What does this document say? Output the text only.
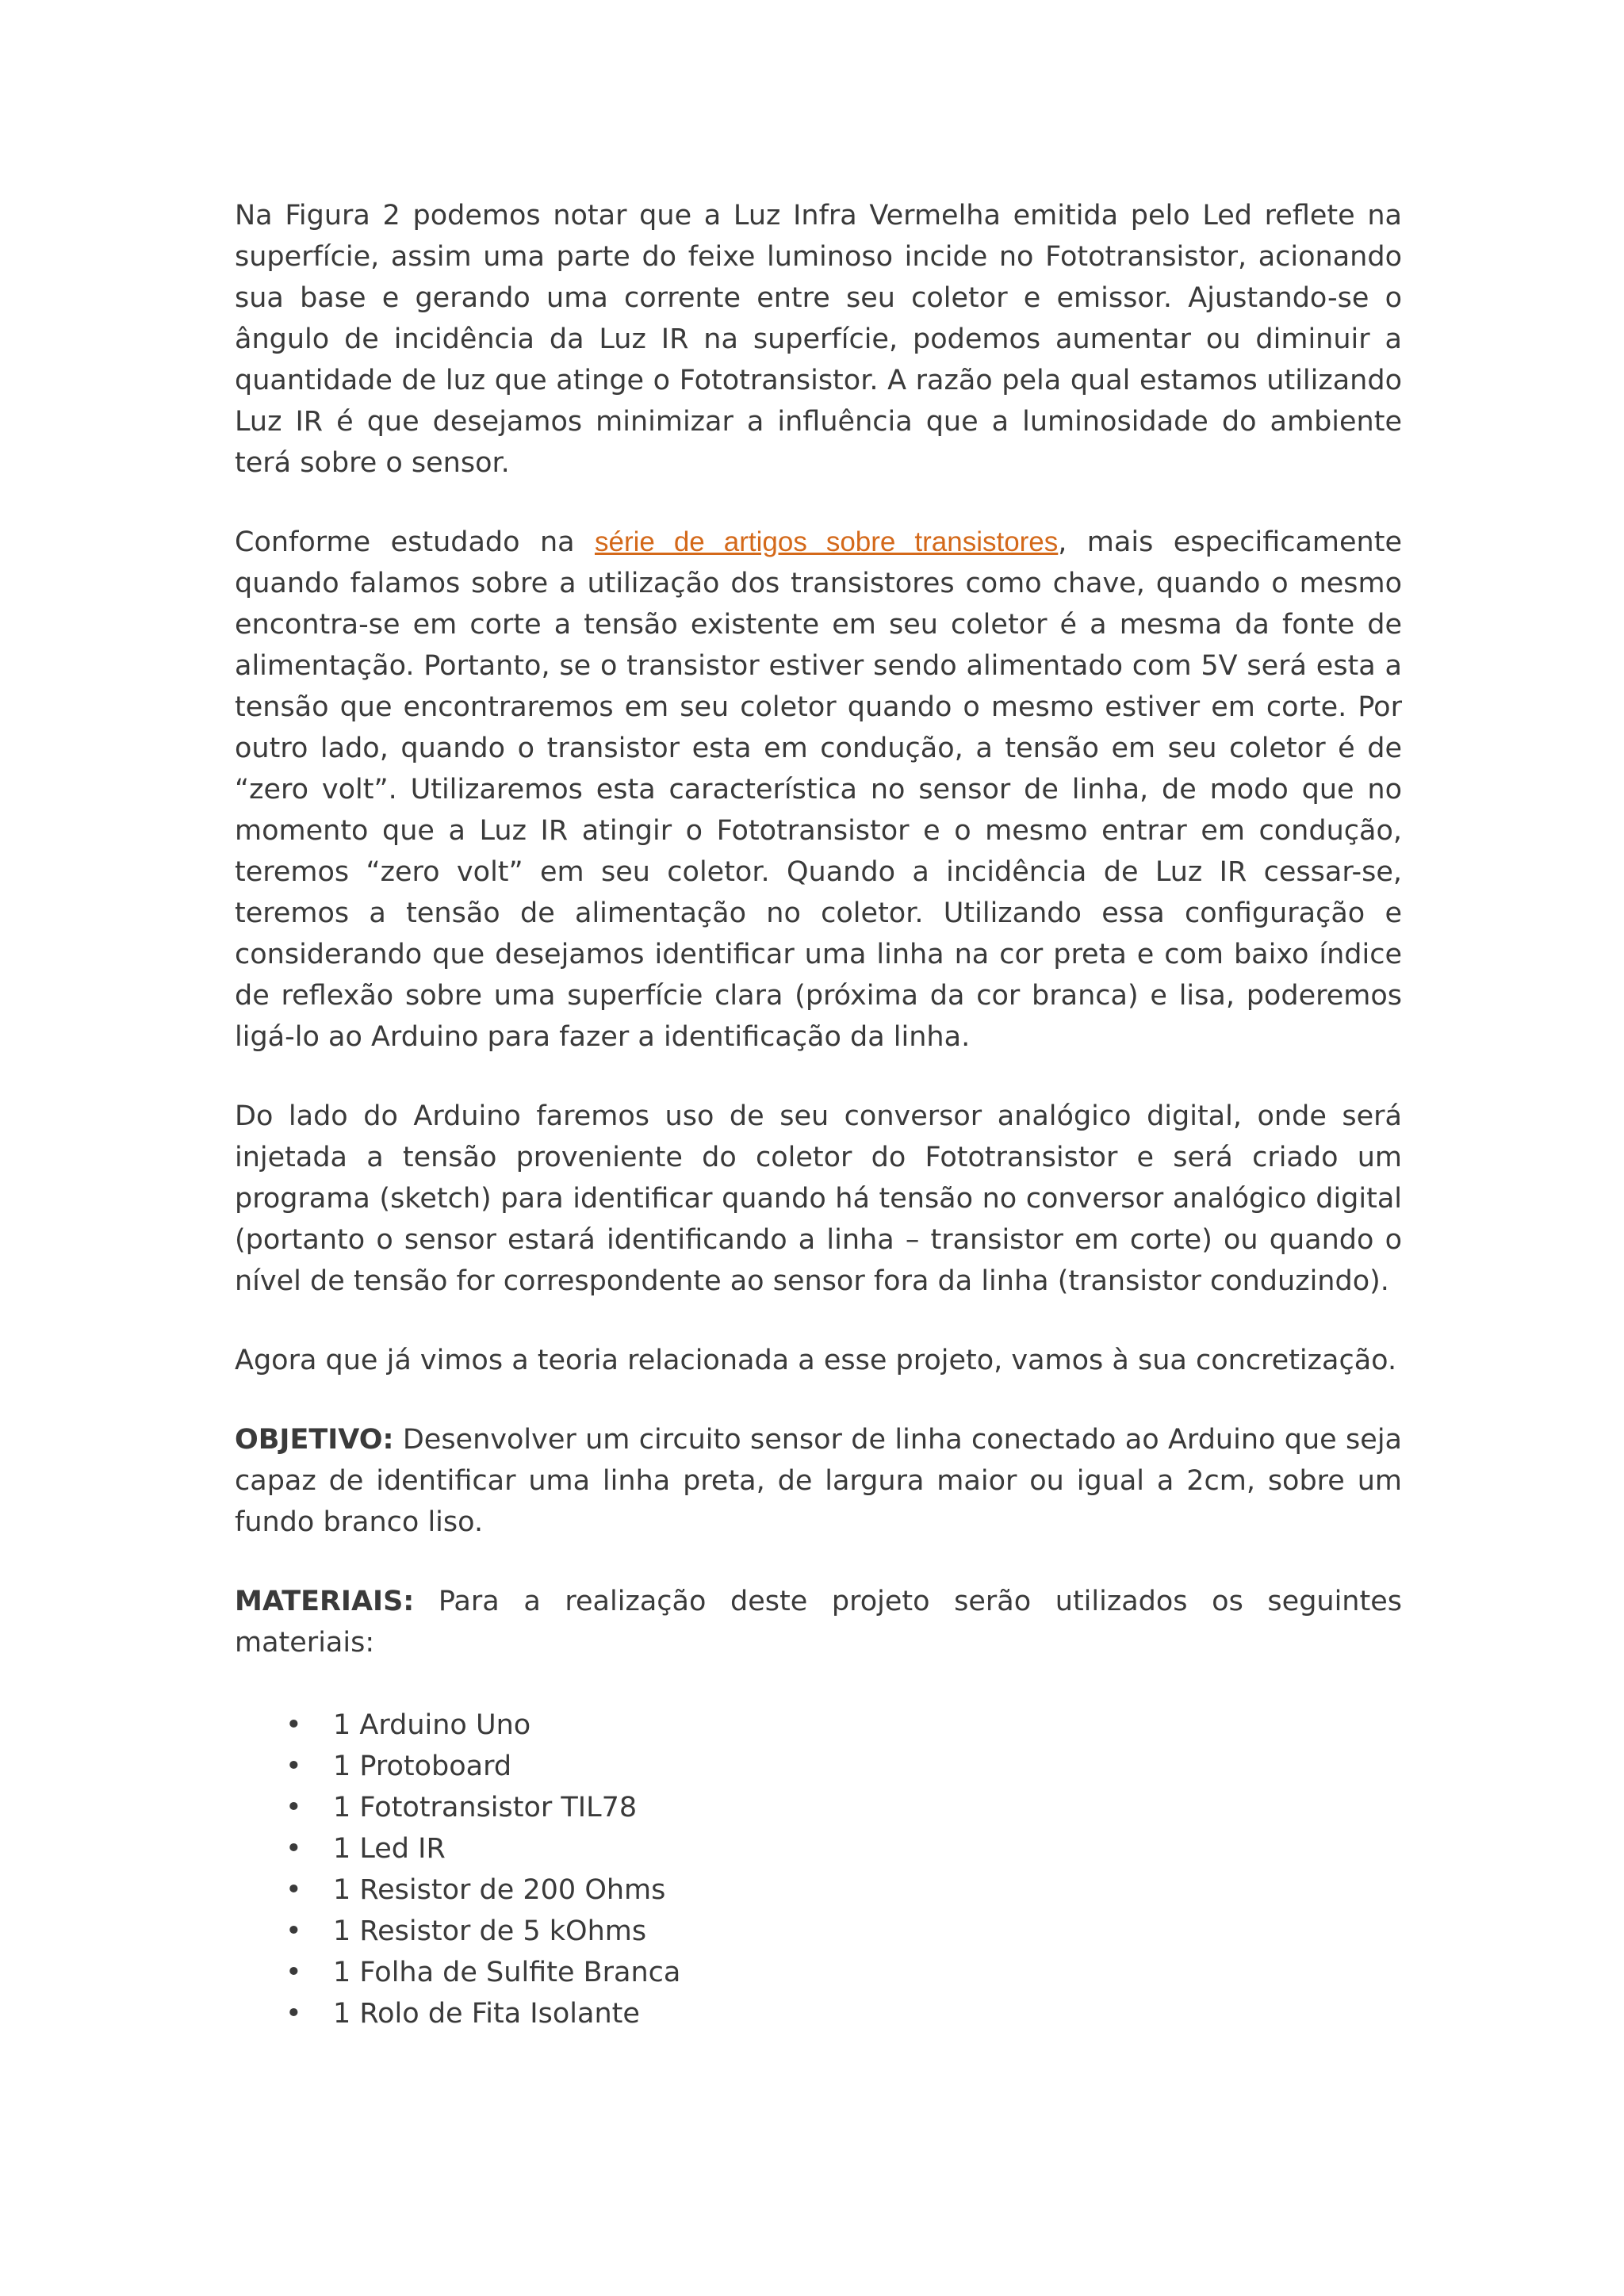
Na Figura 2 podemos notar que a Luz Infra Vermelha emitida pelo Led reflete na superfície, assim uma parte do feixe luminoso incide no Fototransistor, acionando sua base e gerando uma corrente entre seu coletor e emissor. Ajustando-se o ângulo de incidência da Luz IR na superfície, podemos aumentar ou diminuir a quantidade de luz que atinge o Fototransistor. A razão pela qual estamos utilizando Luz IR é que desejamos minimizar a influência que a luminosidade do ambiente terá sobre o sensor.

Conforme estudado na série de artigos sobre transistores, mais especificamente quando falamos sobre a utilização dos transistores como chave, quando o mesmo encontra-se em corte a tensão existente em seu coletor é a mesma da fonte de alimentação. Portanto, se o transistor estiver sendo alimentado com 5V será esta a tensão que encontraremos em seu coletor quando o mesmo estiver em corte. Por outro lado, quando o transistor esta em condução, a tensão em seu coletor é de “zero volt”. Utilizaremos esta característica no sensor de linha, de modo que no momento que a Luz IR atingir o Fototransistor e o mesmo entrar em condução, teremos “zero volt” em seu coletor. Quando a incidência de Luz IR cessar-se, teremos a tensão de alimentação no coletor. Utilizando essa configuração e considerando que desejamos identificar uma linha na cor preta e com baixo índice de reflexão sobre uma superfície clara (próxima da cor branca) e lisa, poderemos ligá-lo ao Arduino para fazer a identificação da linha.

Do lado do Arduino faremos uso de seu conversor analógico digital, onde será injetada a tensão proveniente do coletor do Fototransistor e será criado um programa (sketch) para identificar quando há tensão no conversor analógico digital (portanto o sensor estará identificando a linha – transistor em corte) ou quando o nível de tensão for correspondente ao sensor fora da linha (transistor conduzindo).

Agora que já vimos a teoria relacionada a esse projeto, vamos à sua concretização.

OBJETIVO: Desenvolver um circuito sensor de linha conectado ao Arduino que seja capaz de identificar uma linha preta, de largura maior ou igual a 2cm, sobre um fundo branco liso.

MATERIAIS: Para a realização deste projeto serão utilizados os seguintes materiais:

• 1 Arduino Uno
• 1 Protoboard
• 1 Fototransistor TIL78
• 1 Led IR
• 1 Resistor de 200 Ohms
• 1 Resistor de 5 kOhms
• 1 Folha de Sulfite Branca
• 1 Rolo de Fita Isolante
